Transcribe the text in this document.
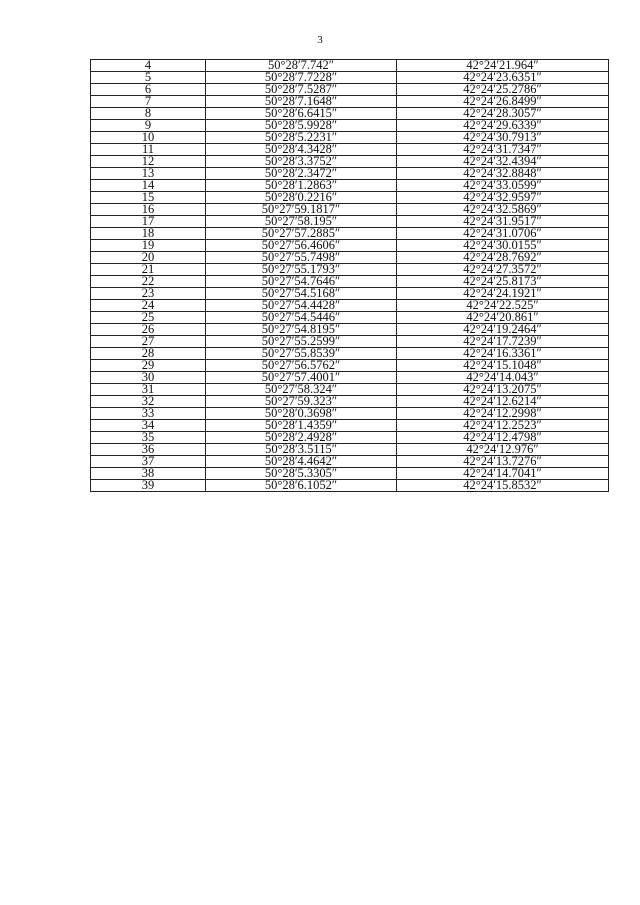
3
4	50°28′7.742″	42°24′21.964″
5	50°28′7.7228″	42°24′23.6351″
6	50°28′7.5287″	42°24′25.2786″
7	50°28′7.1648″	42°24′26.8499″
8	50°28′6.6415″	42°24′28.3057″
9	50°28′5.9928″	42°24′29.6339″
10	50°28′5.2231″	42°24′30.7913″
11	50°28′4.3428″	42°24′31.7347″
12	50°28′3.3752″	42°24′32.4394″
13	50°28′2.3472″	42°24′32.8848″
14	50°28′1.2863″	42°24′33.0599″
15	50°28′0.2216″	42°24′32.9597″
16	50°27′59.1817″	42°24′32.5869″
17	50°27′58.195″	42°24′31.9517″
18	50°27′57.2885″	42°24′31.0706″
19	50°27′56.4606″	42°24′30.0155″
20	50°27′55.7498″	42°24′28.7692″
21	50°27′55.1793″	42°24′27.3572″
22	50°27′54.7646″	42°24′25.8173″
23	50°27′54.5168″	42°24′24.1921″
24	50°27′54.4428″	42°24′22.525″
25	50°27′54.5446″	42°24′20.861″
26	50°27′54.8195″	42°24′19.2464″
27	50°27′55.2599″	42°24′17.7239″
28	50°27′55.8539″	42°24′16.3361″
29	50°27′56.5762″	42°24′15.1048″
30	50°27′57.4001″	42°24′14.043″
31	50°27′58.324″	42°24′13.2075″
32	50°27′59.323″	42°24′12.6214″
33	50°28′0.3698″	42°24′12.2998″
34	50°28′1.4359″	42°24′12.2523″
35	50°28′2.4928″	42°24′12.4798″
36	50°28′3.5115″	42°24′12.976″
37	50°28′4.4642″	42°24′13.7276″
38	50°28′5.3305″	42°24′14.7041″
39	50°28′6.1052″	42°24′15.8532″
